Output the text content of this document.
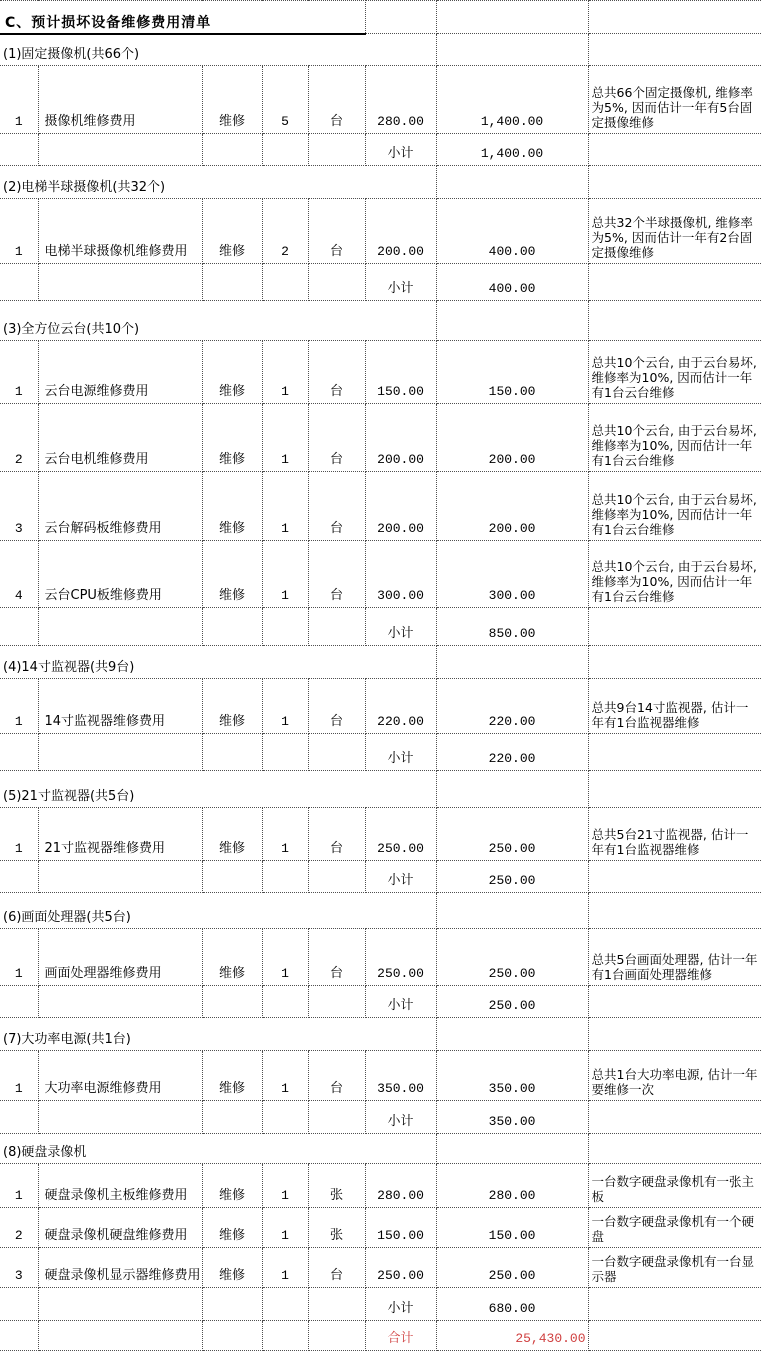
C、预计损坏设备维修费用清单							
(1)固定摄像机(共66个)							
1	摄像机维修费用	维修	5	台	280.00	1,400.00	总共66个固定摄像机, 维修率为5%, 因而估计一年有5台固定摄像维修
					小计	1,400.00	
(2)电梯半球摄像机(共32个)							
1	电梯半球摄像机维修费用	维修	2	台	200.00	400.00	总共32个半球摄像机, 维修率为5%, 因而估计一年有2台固定摄像维修
					小计	400.00	
(3)全方位云台(共10个)							
1	云台电源维修费用	维修	1	台	150.00	150.00	总共10个云台, 由于云台易坏, 维修率为10%, 因而估计一年有1台云台维修
2	云台电机维修费用	维修	1	台	200.00	200.00	总共10个云台, 由于云台易坏, 维修率为10%, 因而估计一年有1台云台维修
3	云台解码板维修费用	维修	1	台	200.00	200.00	总共10个云台, 由于云台易坏, 维修率为10%, 因而估计一年有1台云台维修
4	云台CPU板维修费用	维修	1	台	300.00	300.00	总共10个云台, 由于云台易坏, 维修率为10%, 因而估计一年有1台云台维修
					小计	850.00	
(4)14寸监视器(共9台)							
1	14寸监视器维修费用	维修	1	台	220.00	220.00	总共9台14寸监视器, 估计一年有1台监视器维修
					小计	220.00	
(5)21寸监视器(共5台)							
1	21寸监视器维修费用	维修	1	台	250.00	250.00	总共5台21寸监视器, 估计一年有1台监视器维修
					小计	250.00	
(6)画面处理器(共5台)							
1	画面处理器维修费用	维修	1	台	250.00	250.00	总共5台画面处理器, 估计一年有1台画面处理器维修
					小计	250.00	
(7)大功率电源(共1台)							
1	大功率电源维修费用	维修	1	台	350.00	350.00	总共1台大功率电源, 估计一年要维修一次
					小计	350.00	
(8)硬盘录像机							
1	硬盘录像机主板维修费用	维修	1	张	280.00	280.00	一台数字硬盘录像机有一张主板
2	硬盘录像机硬盘维修费用	维修	1	张	150.00	150.00	一台数字硬盘录像机有一个硬盘
3	硬盘录像机显示器维修费用	维修	1	台	250.00	250.00	一台数字硬盘录像机有一台显示器
					小计	680.00	
					合计	25,430.00	
